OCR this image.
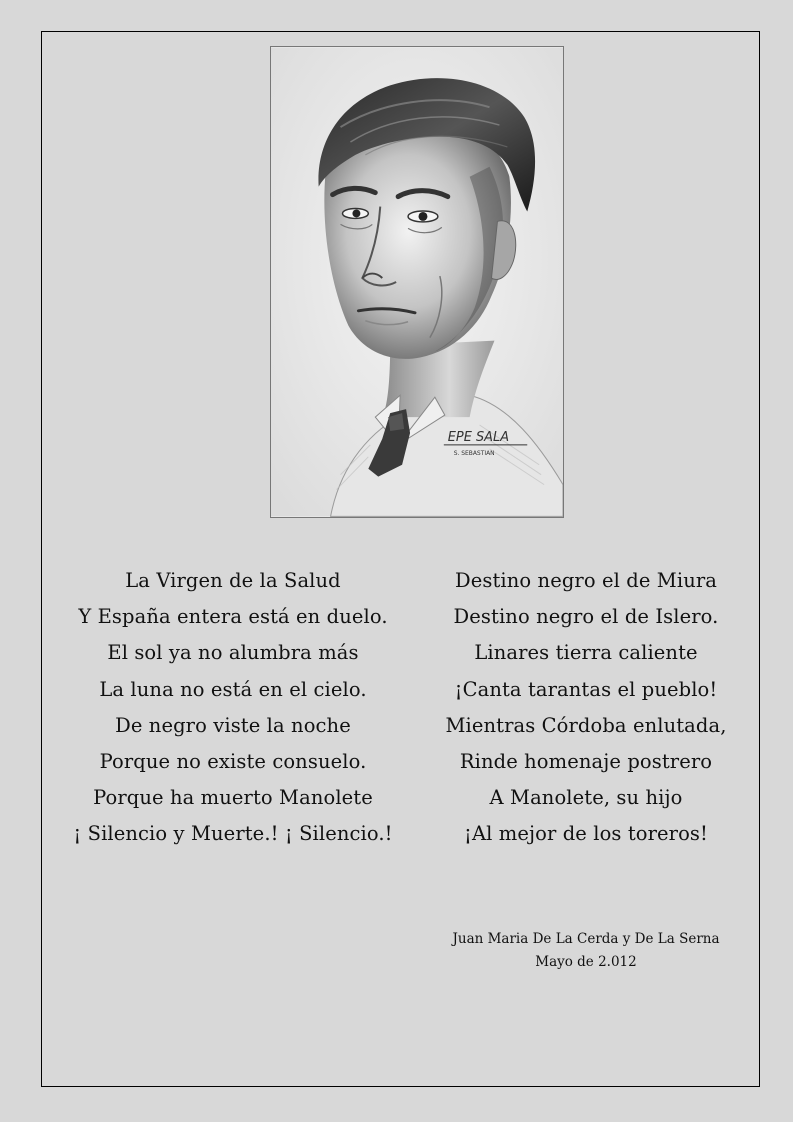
EPE SALA
S. SEBASTIAN
La Virgen de la Salud
Y España entera está en duelo.
El sol ya no alumbra más
La luna no está en el cielo.
De negro viste la noche
Porque no existe consuelo.
Porque ha muerto Manolete
¡ Silencio y Muerte.! ¡ Silencio.!
Destino negro el de Miura
Destino negro el de Islero.
Linares tierra caliente
¡Canta tarantas el pueblo!
Mientras Córdoba enlutada,
Rinde homenaje postrero
A Manolete, su hijo
¡Al mejor de los toreros!
Juan Maria De La Cerda y De La Serna
Mayo de 2.012
